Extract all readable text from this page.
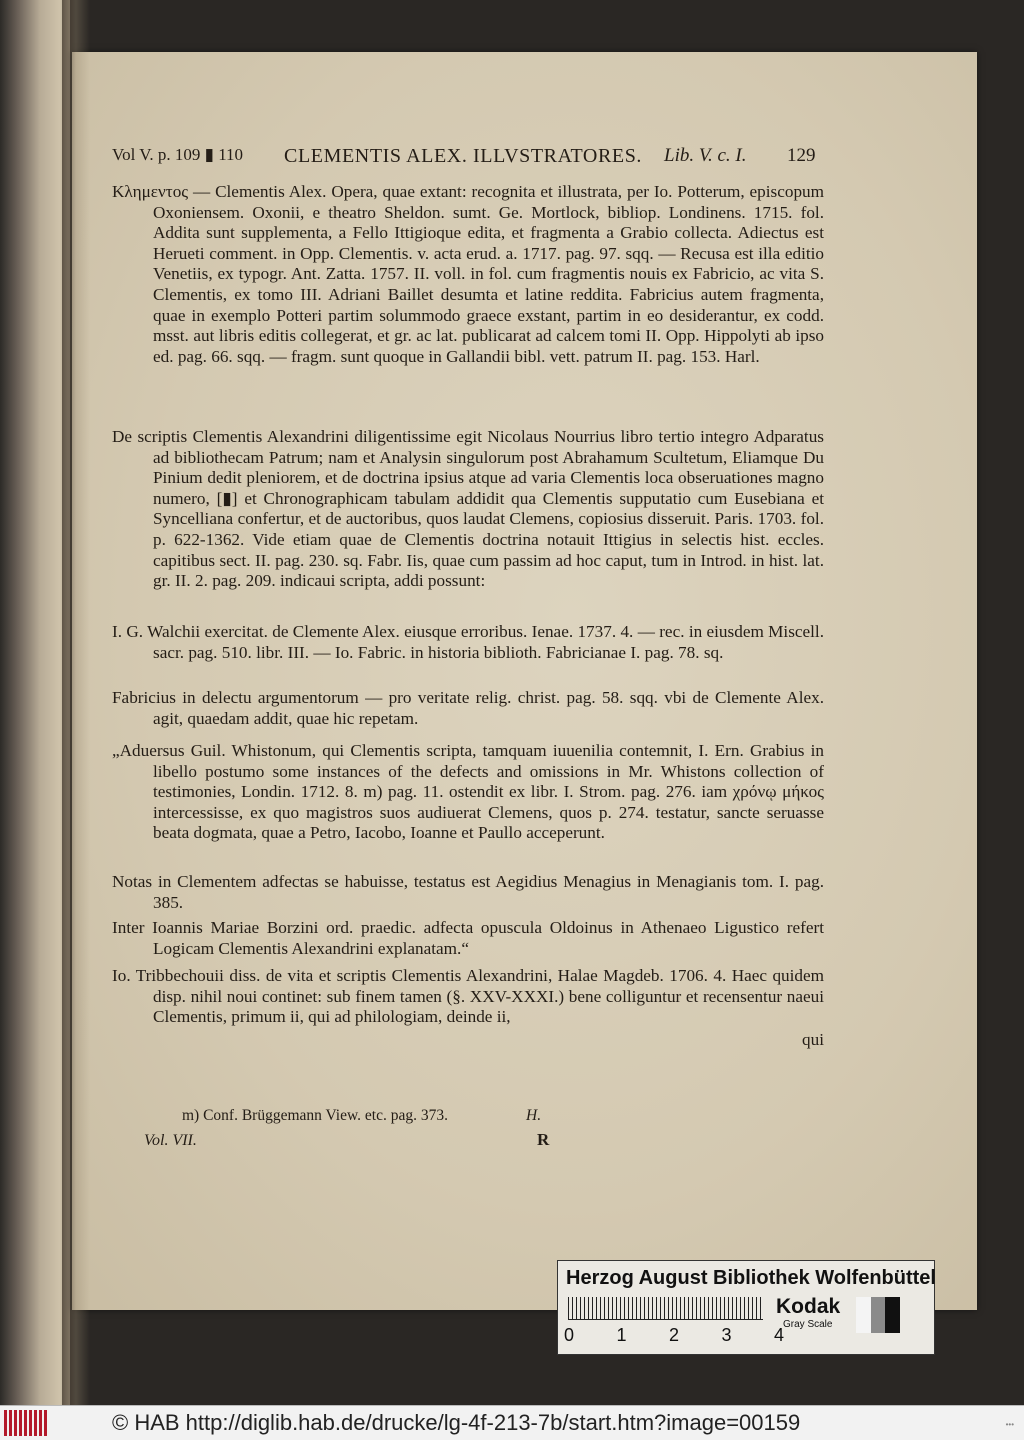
Vol V. p. 109 ▮ 110 CLEMENTIS ALEX. ILLVSTRATORES. Lib. V. c. I. 129
Κλημεντος — Clementis Alex. Opera, quae extant: recognita et illustrata, per Io. Potterum, episcopum Oxoniensem. Oxonii, e theatro Sheldon. sumt. Ge. Mortlock, bibliop. Londinens. 1715. fol. Addita sunt supplementa, a Fello Ittigioque edita, et fragmenta a Grabio collecta. Adiectus est Herueti comment. in Opp. Clementis. v. acta erud. a. 1717. pag. 97. sqq. — Recusa est illa editio Venetiis, ex typogr. Ant. Zatta. 1757. II. voll. in fol. cum fragmentis nouis ex Fabricio, ac vita S. Clementis, ex tomo III. Adriani Baillet desumta et latine reddita. Fabricius autem fragmenta, quae in exemplo Potteri partim solummodo graece exstant, partim in eo desiderantur, ex codd. msst. aut libris editis collegerat, et gr. ac lat. publicarat ad calcem tomi II. Opp. Hippolyti ab ipso ed. pag. 66. sqq. — fragm. sunt quoque in Gallandii bibl. vett. patrum II. pag. 153. Harl.
De scriptis Clementis Alexandrini diligentissime egit Nicolaus Nourrius libro tertio integro Adparatus ad bibliothecam Patrum; nam et Analysin singulorum post Abrahamum Scultetum, Eliamque Du Pinium dedit pleniorem, et de doctrina ipsius atque ad varia Clementis loca obseruationes magno numero, [▮] et Chronographicam tabulam addidit qua Clementis supputatio cum Eusebiana et Syncelliana confertur, et de auctoribus, quos laudat Clemens, copiosius disseruit. Paris. 1703. fol. p. 622-1362. Vide etiam quae de Clementis doctrina notauit Ittigius in selectis hist. eccles. capitibus sect. II. pag. 230. sq. Fabr. Iis, quae cum passim ad hoc caput, tum in Introd. in hist. lat. gr. II. 2. pag. 209. indicaui scripta, addi possunt:
I. G. Walchii exercitat. de Clemente Alex. eiusque erroribus. Ienae. 1737. 4. — rec. in eiusdem Miscell. sacr. pag. 510. libr. III. — Io. Fabric. in historia biblioth. Fabricianae I. pag. 78. sq.
Fabricius in delectu argumentorum — pro veritate relig. christ. pag. 58. sqq. vbi de Clemente Alex. agit, quaedam addit, quae hic repetam.
„Aduersus Guil. Whistonum, qui Clementis scripta, tamquam iuuenilia contemnit, I. Ern. Grabius in libello postumo some instances of the defects and omissions in Mr. Whistons collection of testimonies, Londin. 1712. 8. m) pag. 11. ostendit ex libr. I. Strom. pag. 276. iam χρόνῳ μήκος intercessisse, ex quo magistros suos audiuerat Clemens, quos p. 274. testatur, sancte seruasse beata dogmata, quae a Petro, Iacobo, Ioanne et Paullo acceperunt.
Notas in Clementem adfectas se habuisse, testatus est Aegidius Menagius in Menagianis tom. I. pag. 385.
Inter Ioannis Mariae Borzini ord. praedic. adfecta opuscula Oldoinus in Athenaeo Ligustico refert Logicam Clementis Alexandrini explanatam.“
Io. Tribbechouii diss. de vita et scriptis Clementis Alexandrini, Halae Magdeb. 1706. 4. Haec quidem disp. nihil noui continet: sub finem tamen (§. XXV-XXXI.) bene colliguntur et recensentur naeui Clementis, primum ii, qui ad philologiam, deinde ii,
qui
m) Conf. Brüggemann View. etc. pag. 373.	H.
Vol. VII.	R
Herzog August Bibliothek Wolfenbüttel
0 1 2 3 4
Kodak
Gray Scale
© HAB http://diglib.hab.de/drucke/lg-4f-213-7b/start.htm?image=00159	•••
